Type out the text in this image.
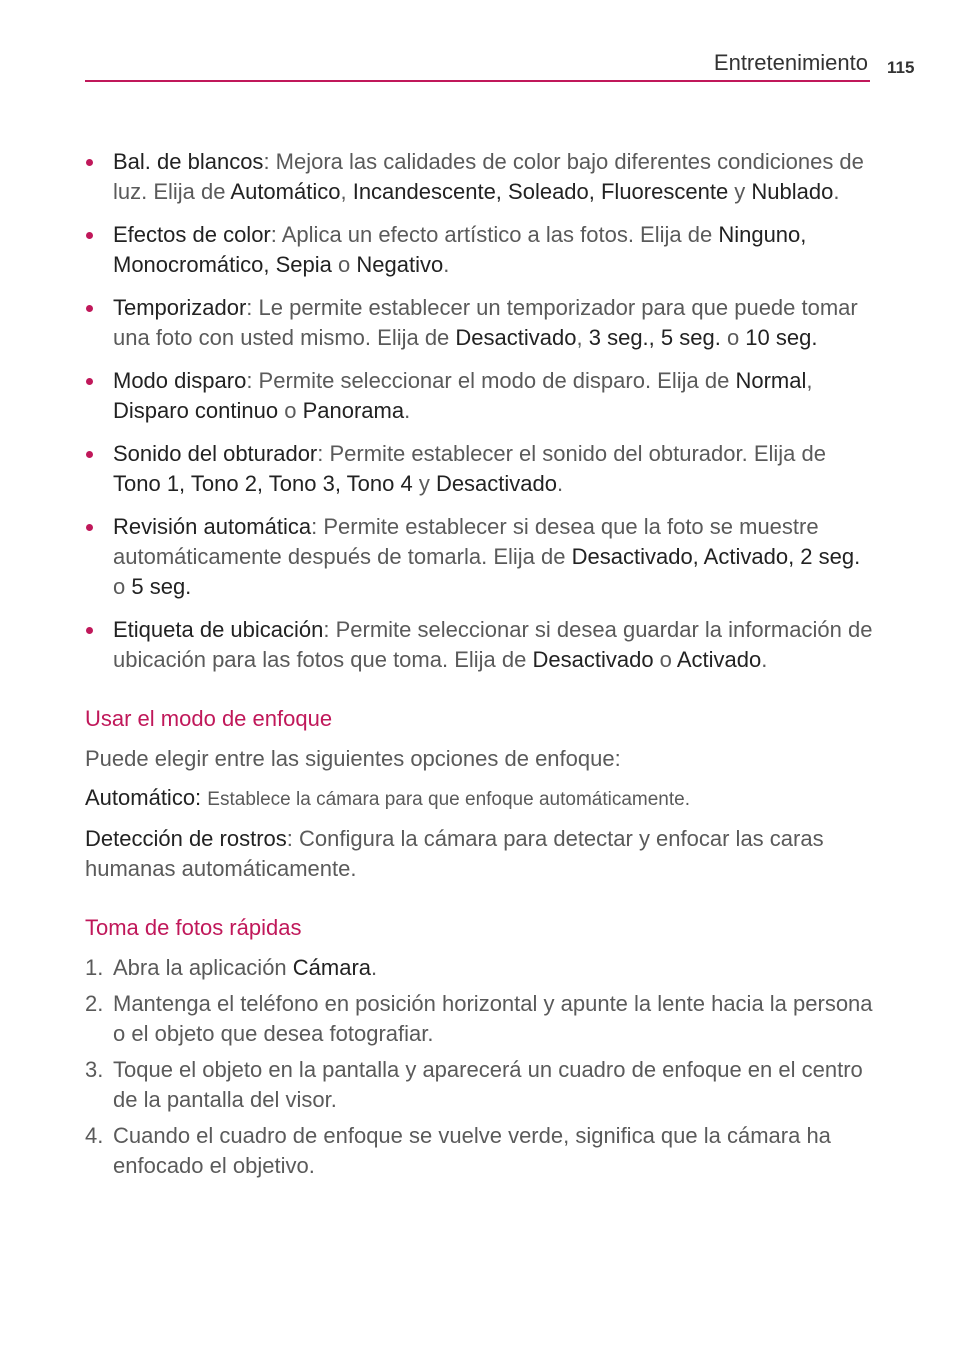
Entretenimiento 115
Bal. de blancos: Mejora las calidades de color bajo diferentes condiciones de luz. Elija de Automático, Incandescente, Soleado, Fluorescente y Nublado.
Efectos de color: Aplica un efecto artístico a las fotos. Elija de Ninguno, Monocromático, Sepia o Negativo.
Temporizador: Le permite establecer un temporizador para que puede tomar una foto con usted mismo. Elija de Desactivado, 3 seg., 5 seg. o 10 seg.
Modo disparo: Permite seleccionar el modo de disparo. Elija de Normal, Disparo continuo o Panorama.
Sonido del obturador: Permite establecer el sonido del obturador. Elija de Tono 1, Tono 2, Tono 3, Tono 4 y Desactivado.
Revisión automática: Permite establecer si desea que la foto se muestre automáticamente después de tomarla. Elija de Desactivado, Activado, 2 seg. o 5 seg.
Etiqueta de ubicación: Permite seleccionar si desea guardar la información de ubicación para las fotos que toma. Elija de Desactivado o Activado.
Usar el modo de enfoque

Puede elegir entre las siguientes opciones de enfoque:

Automático: Establece la cámara para que enfoque automáticamente.

Detección de rostros: Configura la cámara para detectar y enfocar las caras humanas automáticamente.

Toma de fotos rápidas
1. Abra la aplicación Cámara.
2. Mantenga el teléfono en posición horizontal y apunte la lente hacia la persona o el objeto que desea fotografiar.
3. Toque el objeto en la pantalla y aparecerá un cuadro de enfoque en el centro de la pantalla del visor.
4. Cuando el cuadro de enfoque se vuelve verde, significa que la cámara ha enfocado el objetivo.
